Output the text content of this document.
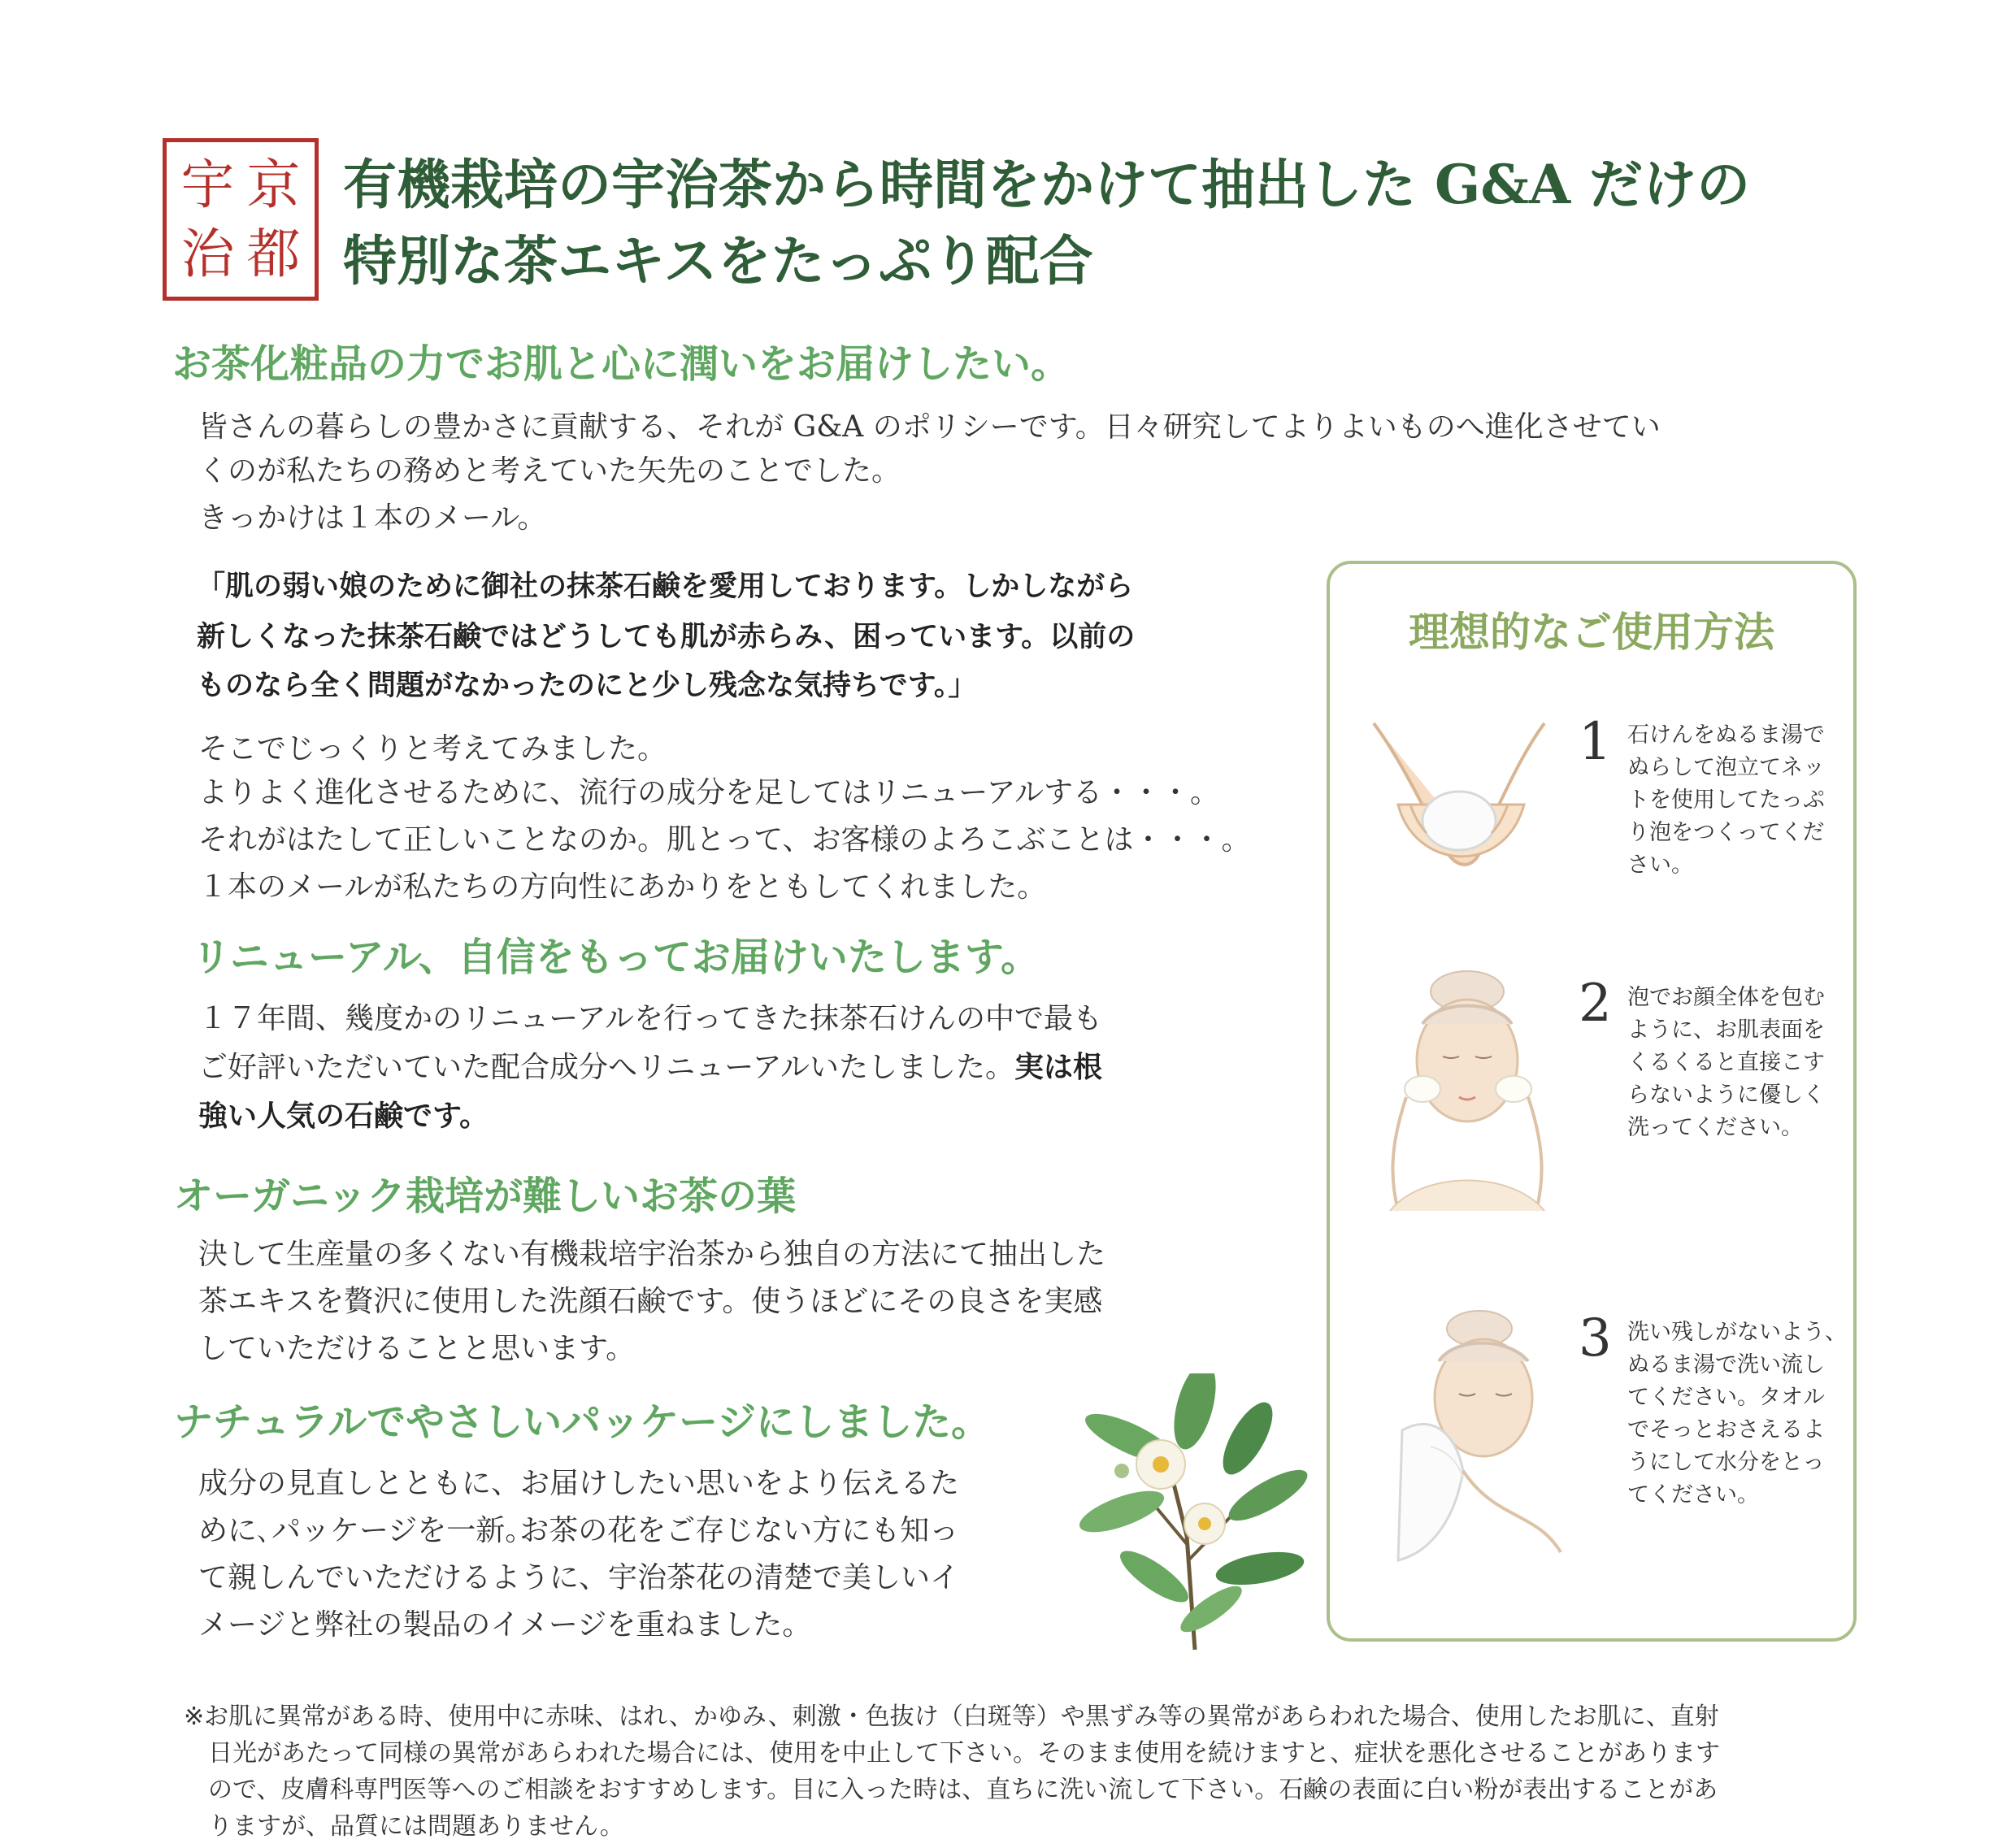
宇 京
治 都
有機栽培の宇治茶から時間をかけて抽出した G&A だけの
特別な茶エキスをたっぷり配合
お茶化粧品の力でお肌と心に潤いをお届けしたい。
皆さんの暮らしの豊かさに貢献する、それが G&A のポリシーです。日々研究してよりよいものへ進化させてい
くのが私たちの務めと考えていた矢先のことでした。
きっかけは１本のメール。
「肌の弱い娘のために御社の抹茶石鹸を愛用しております。しかしながら
新しくなった抹茶石鹸ではどうしても肌が赤らみ、困っています。以前の
ものなら全く問題がなかったのにと少し残念な気持ちです。」
そこでじっくりと考えてみました。
よりよく進化させるために、流行の成分を足してはリニューアルする・・・。
それがはたして正しいことなのか。肌とって、お客様のよろこぶことは・・・。
１本のメールが私たちの方向性にあかりをともしてくれました。
リニューアル、自信をもってお届けいたします。
１７年間、幾度かのリニューアルを行ってきた抹茶石けんの中で最も
ご好評いただいていた配合成分へリニューアルいたしました。実は根
強い人気の石鹸です。
オーガニック栽培が難しいお茶の葉
決して生産量の多くない有機栽培宇治茶から独自の方法にて抽出した
茶エキスを贅沢に使用した洗顔石鹸です。使うほどにその良さを実感
していただけることと思います。
ナチュラルでやさしいパッケージにしました。
成分の見直しとともに、お届けしたい思いをより伝えるた
めに､パッケージを一新｡お茶の花をご存じない方にも知っ
て親しんでいただけるように、宇治茶花の清楚で美しいイ
メージと弊社の製品のイメージを重ねました。
理想的なご使用方法
1 石けんをぬるま湯で
ぬらして泡立てネッ
トを使用してたっぷ
り泡をつくってくだ
さい。
2 泡でお顔全体を包む
ように、お肌表面を
くるくると直接こす
らないように優しく
洗ってください。
3 洗い残しがないよう、
ぬるま湯で洗い流し
てください。タオル
でそっとおさえるよ
うにして水分をとっ
てください。
※お肌に異常がある時、使用中に赤味、はれ、かゆみ、刺激・色抜け（白斑等）や黒ずみ等の異常があらわれた場合、使用したお肌に、直射
日光があたって同様の異常があらわれた場合には、使用を中止して下さい。そのまま使用を続けますと、症状を悪化させることがあります
ので、皮膚科専門医等へのご相談をおすすめします。目に入った時は、直ちに洗い流して下さい。石鹸の表面に白い粉が表出することがあ
りますが、品質には問題ありません。
